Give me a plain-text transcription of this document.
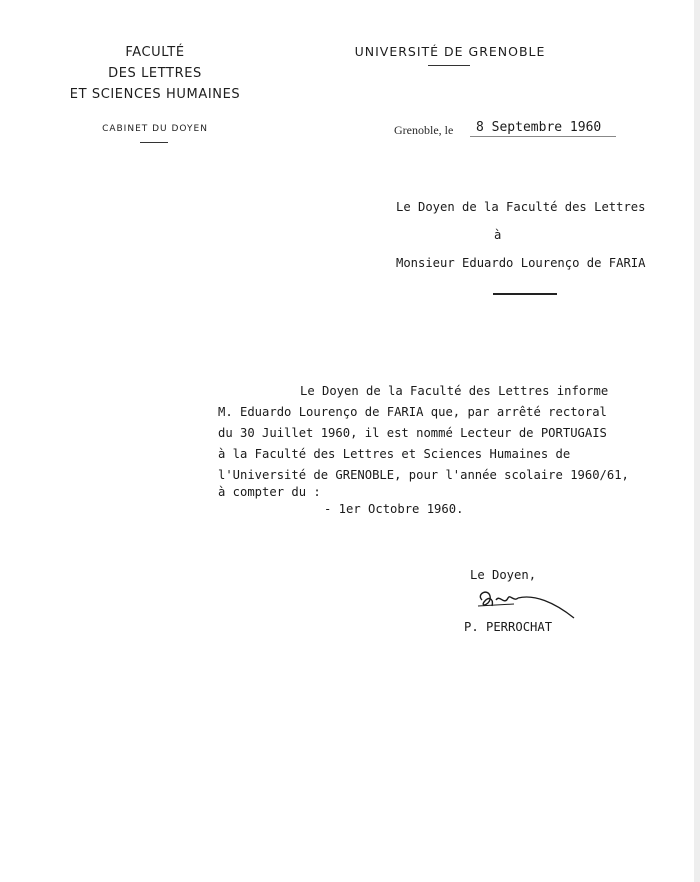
FACULTÉ
DES LETTRES
ET SCIENCES HUMAINES
CABINET DU DOYEN
UNIVERSITÉ DE GRENOBLE
Grenoble, le 8 Septembre 1960
Le Doyen de la Faculté des Lettres
à
Monsieur Eduardo Lourenço de FARIA
Le Doyen de la Faculté des Lettres informe
M. Eduardo Lourenço de FARIA que, par arrêté rectoral
du 30 Juillet 1960, il est nommé Lecteur de PORTUGAIS
à la Faculté des Lettres et Sciences Humaines de
l'Université de GRENOBLE, pour l'année scolaire 1960/61,
à compter du :
- 1er Octobre 1960.
Le Doyen,
P. PERROCHAT
